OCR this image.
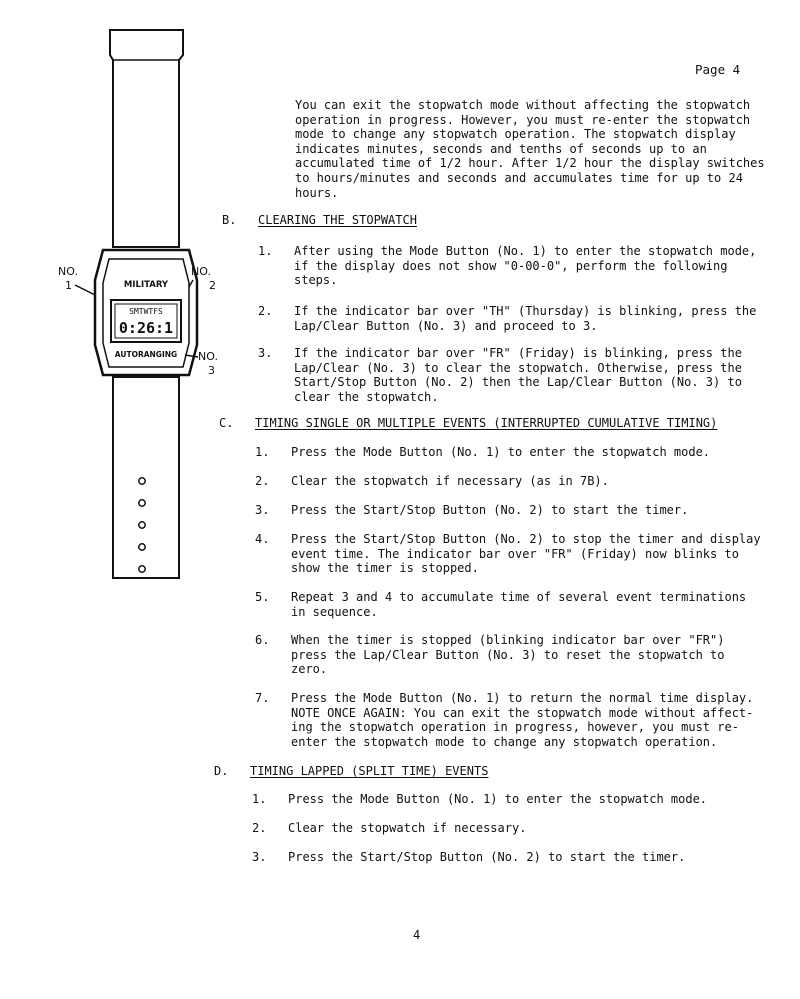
Page 4
MILITARY
SMTWTFS
0:26:1
AUTORANGING
NO.
1
NO.
2
NO.
3
You can exit the stopwatch mode without affecting the stopwatch
operation in progress. However, you must re-enter the stopwatch
mode to change any stopwatch operation. The stopwatch display
indicates minutes, seconds and tenths of seconds up to an
accumulated time of 1/2 hour. After 1/2 hour the display switches
to hours/minutes and seconds and accumulates time for up to 24
hours.
B. CLEARING THE STOPWATCH
1. After using the Mode Button (No. 1) to enter the stopwatch mode,
if the display does not show "0-00-0", perform the following
steps.
2. If the indicator bar over "TH" (Thursday) is blinking, press the
Lap/Clear Button (No. 3) and proceed to 3.
3. If the indicator bar over "FR" (Friday) is blinking, press the
Lap/Clear (No. 3) to clear the stopwatch. Otherwise, press the
Start/Stop Button (No. 2) then the Lap/Clear Button (No. 3) to
clear the stopwatch.
C. TIMING SINGLE OR MULTIPLE EVENTS (INTERRUPTED CUMULATIVE TIMING)
1. Press the Mode Button (No. 1) to enter the stopwatch mode.
2. Clear the stopwatch if necessary (as in 7B).
3. Press the Start/Stop Button (No. 2) to start the timer.
4. Press the Start/Stop Button (No. 2) to stop the timer and display
event time. The indicator bar over "FR" (Friday) now blinks to
show the timer is stopped.
5. Repeat 3 and 4 to accumulate time of several event terminations
in sequence.
6. When the timer is stopped (blinking indicator bar over "FR")
press the Lap/Clear Button (No. 3) to reset the stopwatch to
zero.
7. Press the Mode Button (No. 1) to return the normal time display.
NOTE ONCE AGAIN: You can exit the stopwatch mode without affect-
ing the stopwatch operation in progress, however, you must re-
enter the stopwatch mode to change any stopwatch operation.
D. TIMING LAPPED (SPLIT TIME) EVENTS
1. Press the Mode Button (No. 1) to enter the stopwatch mode.
2. Clear the stopwatch if necessary.
3. Press the Start/Stop Button (No. 2) to start the timer.
4
